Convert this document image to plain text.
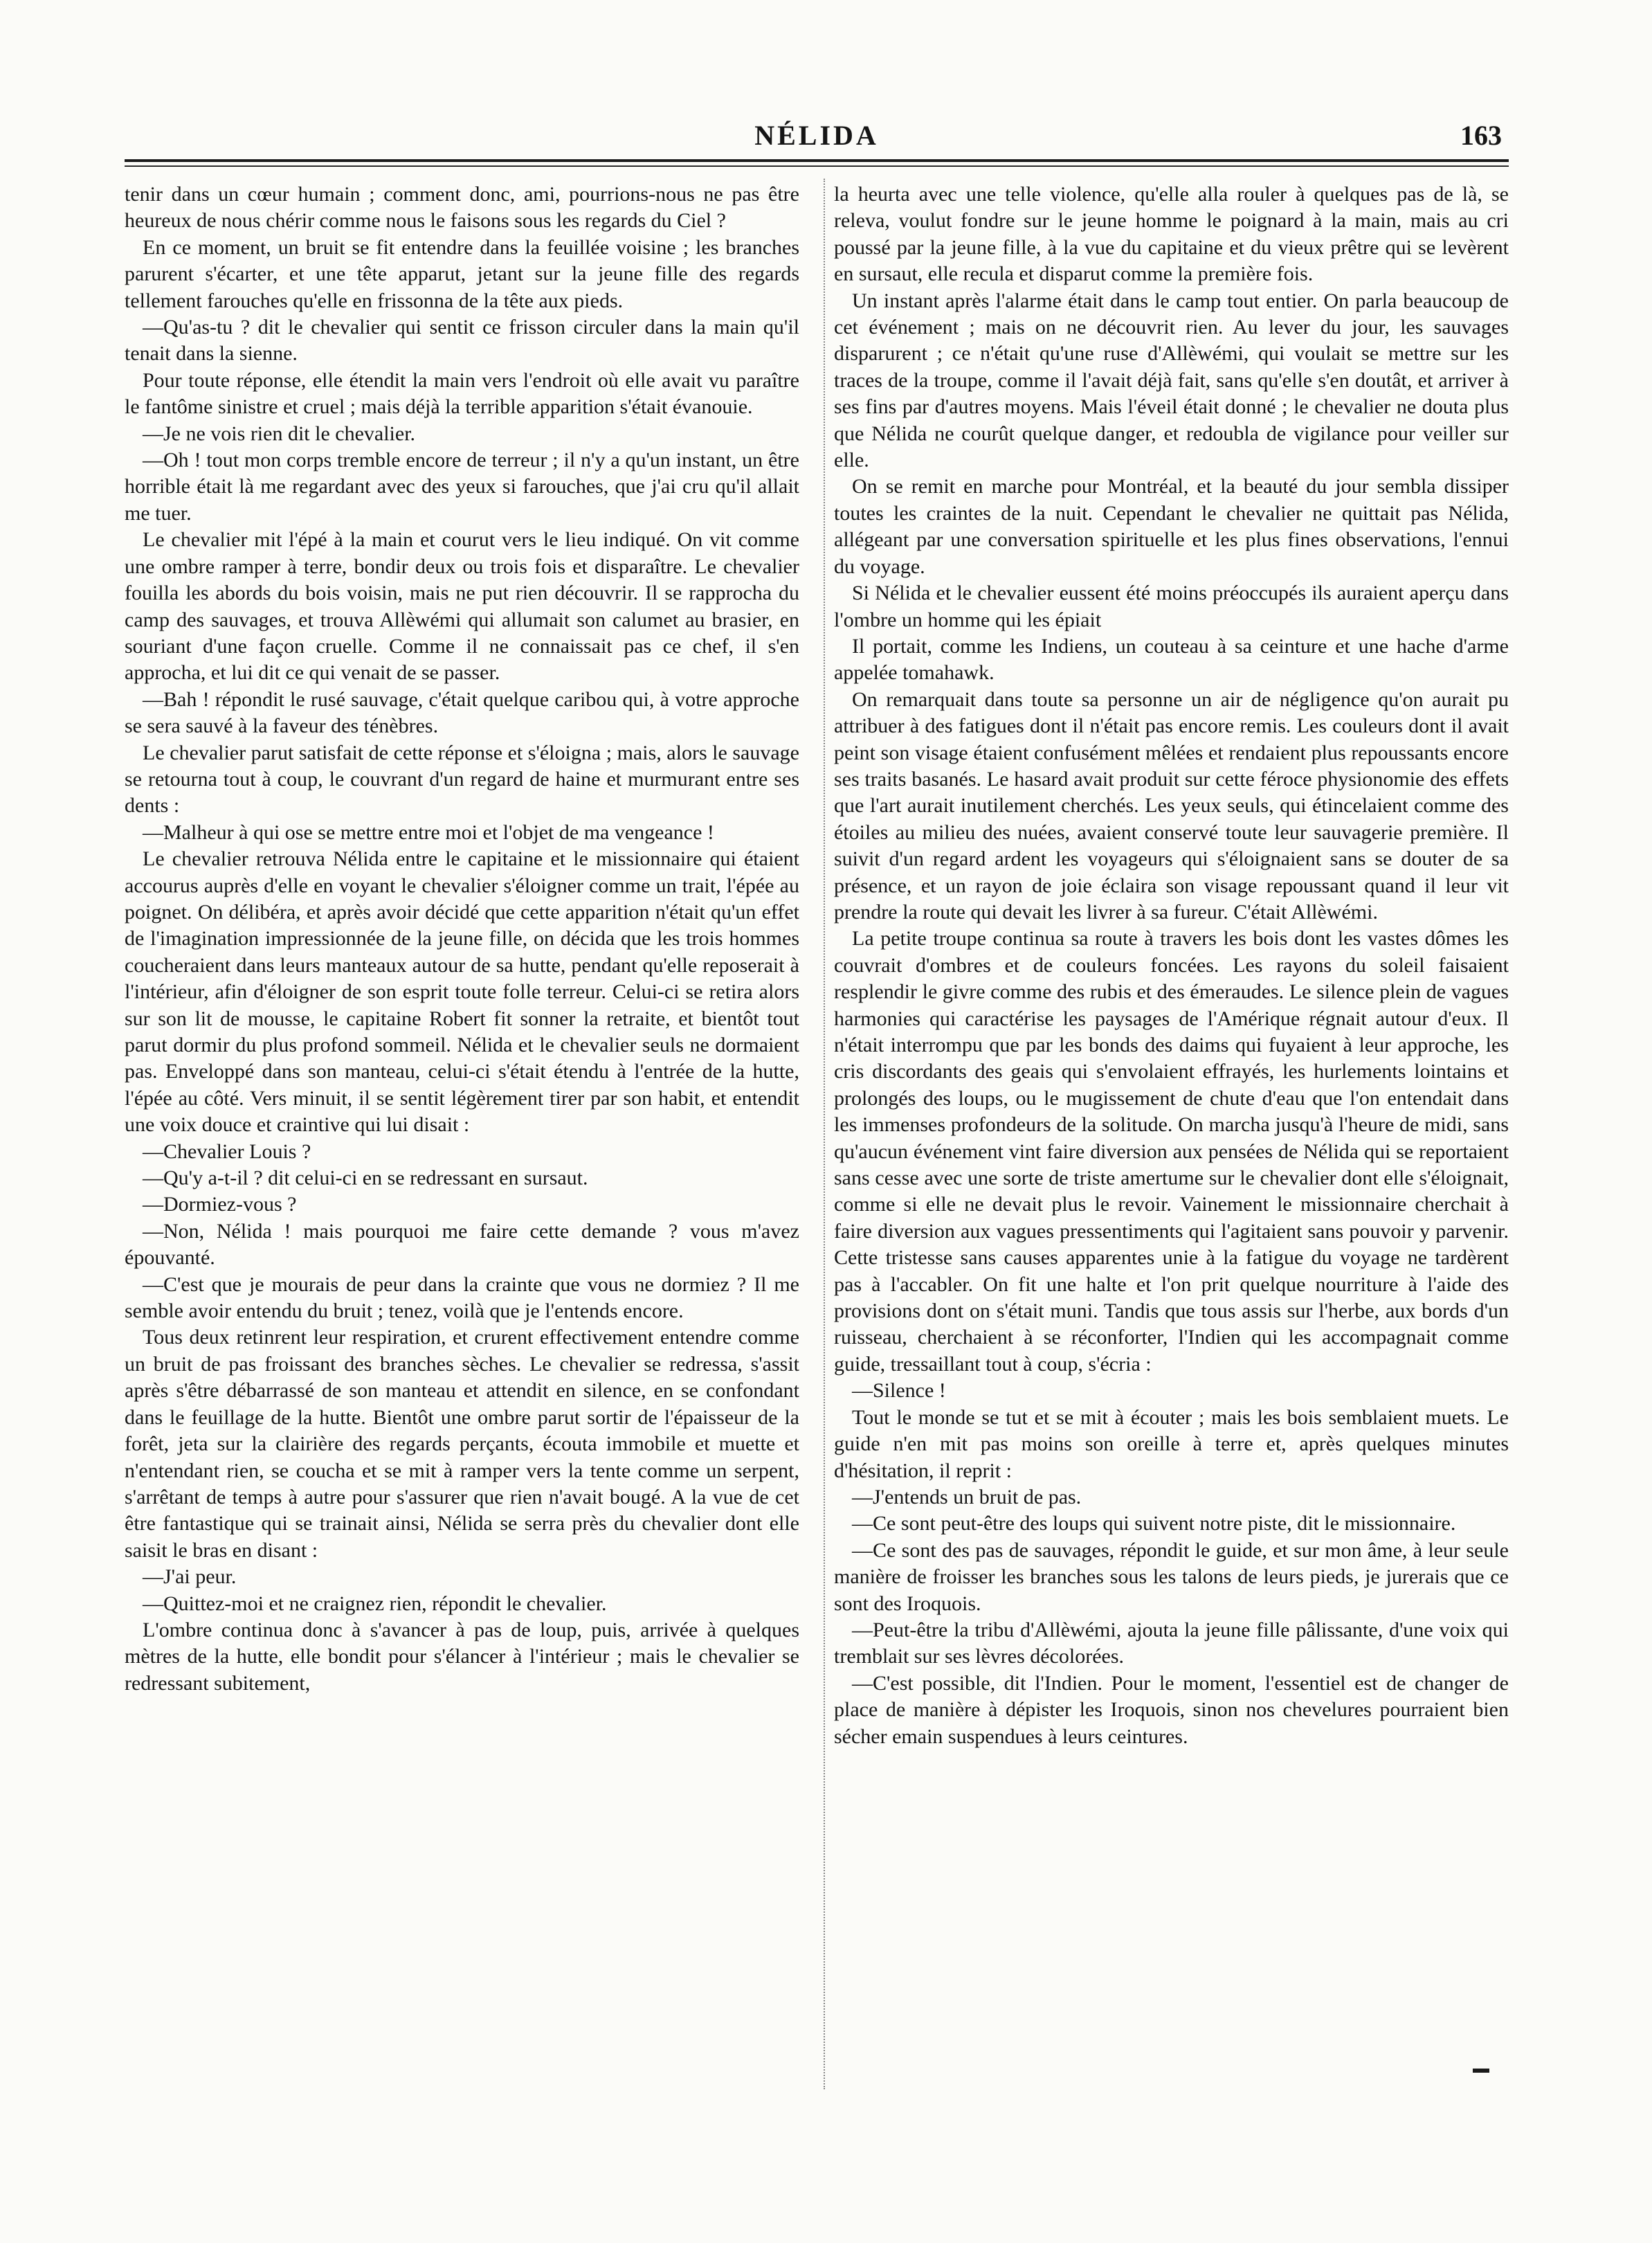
NÉLIDA	163

tenir dans un cœur humain ; comment donc, ami, pourrions-nous ne pas être heureux de nous chérir comme nous le faisons sous les regards du Ciel ?

En ce moment, un bruit se fit entendre dans la feuillée voisine ; les branches parurent s'écarter, et une tête apparut, jetant sur la jeune fille des regards tellement farouches qu'elle en frissonna de la tête aux pieds.

—Qu'as-tu ? dit le chevalier qui sentit ce frisson circuler dans la main qu'il tenait dans la sienne.

Pour toute réponse, elle étendit la main vers l'endroit où elle avait vu paraître le fantôme sinistre et cruel ; mais déjà la terrible apparition s'était évanouie.

—Je ne vois rien dit le chevalier.

—Oh ! tout mon corps tremble encore de terreur ; il n'y a qu'un instant, un être horrible était là me regardant avec des yeux si farouches, que j'ai cru qu'il allait me tuer.

Le chevalier mit l'épé à la main et courut vers le lieu indiqué. On vit comme une ombre ramper à terre, bondir deux ou trois fois et disparaître. Le chevalier fouilla les abords du bois voisin, mais ne put rien découvrir. Il se rapprocha du camp des sauvages, et trouva Allèwémi qui allumait son calumet au brasier, en souriant d'une façon cruelle. Comme il ne connaissait pas ce chef, il s'en approcha, et lui dit ce qui venait de se passer.

—Bah ! répondit le rusé sauvage, c'était quelque caribou qui, à votre approche se sera sauvé à la faveur des ténèbres.

Le chevalier parut satisfait de cette réponse et s'éloigna ; mais, alors le sauvage se retourna tout à coup, le couvrant d'un regard de haine et murmurant entre ses dents :

—Malheur à qui ose se mettre entre moi et l'objet de ma vengeance !

Le chevalier retrouva Nélida entre le capitaine et le missionnaire qui étaient accourus auprès d'elle en voyant le chevalier s'éloigner comme un trait, l'épée au poignet. On délibéra, et après avoir décidé que cette apparition n'était qu'un effet de l'imagination impressionnée de la jeune fille, on décida que les trois hommes coucheraient dans leurs manteaux autour de sa hutte, pendant qu'elle reposerait à l'intérieur, afin d'éloigner de son esprit toute folle terreur. Celui-ci se retira alors sur son lit de mousse, le capitaine Robert fit sonner la retraite, et bientôt tout parut dormir du plus profond sommeil. Nélida et le chevalier seuls ne dormaient pas. Enveloppé dans son manteau, celui-ci s'était étendu à l'entrée de la hutte, l'épée au côté. Vers minuit, il se sentit légèrement tirer par son habit, et entendit une voix douce et craintive qui lui disait :

—Chevalier Louis ?

—Qu'y a-t-il ? dit celui-ci en se redressant en sursaut.

—Dormiez-vous ?

—Non, Nélida ! mais pourquoi me faire cette demande ? vous m'avez épouvanté.

—C'est que je mourais de peur dans la crainte que vous ne dormiez ? Il me semble avoir entendu du bruit ; tenez, voilà que je l'entends encore.

Tous deux retinrent leur respiration, et crurent effectivement entendre comme un bruit de pas froissant des branches sèches. Le chevalier se redressa, s'assit après s'être débarrassé de son manteau et attendit en silence, en se confondant dans le feuillage de la hutte. Bientôt une ombre parut sortir de l'épaisseur de la forêt, jeta sur la clairière des regards perçants, écouta immobile et muette et n'entendant rien, se coucha et se mit à ramper vers la tente comme un serpent, s'arrêtant de temps à autre pour s'assurer que rien n'avait bougé. A la vue de cet être fantastique qui se trainait ainsi, Nélida se serra près du chevalier dont elle saisit le bras en disant :

—J'ai peur.

—Quittez-moi et ne craignez rien, répondit le chevalier.

L'ombre continua donc à s'avancer à pas de loup, puis, arrivée à quelques mètres de la hutte, elle bondit pour s'élancer à l'intérieur ; mais le chevalier se redressant subitement,

la heurta avec une telle violence, qu'elle alla rouler à quelques pas de là, se releva, voulut fondre sur le jeune homme le poignard à la main, mais au cri poussé par la jeune fille, à la vue du capitaine et du vieux prêtre qui se levèrent en sursaut, elle recula et disparut comme la première fois.

Un instant après l'alarme était dans le camp tout entier. On parla beaucoup de cet événement ; mais on ne découvrit rien. Au lever du jour, les sauvages disparurent ; ce n'était qu'une ruse d'Allèwémi, qui voulait se mettre sur les traces de la troupe, comme il l'avait déjà fait, sans qu'elle s'en doutât, et arriver à ses fins par d'autres moyens. Mais l'éveil était donné ; le chevalier ne douta plus que Nélida ne courût quelque danger, et redoubla de vigilance pour veiller sur elle.

On se remit en marche pour Montréal, et la beauté du jour sembla dissiper toutes les craintes de la nuit. Cependant le chevalier ne quittait pas Nélida, allégeant par une conversation spirituelle et les plus fines observations, l'ennui du voyage.

Si Nélida et le chevalier eussent été moins préoccupés ils auraient aperçu dans l'ombre un homme qui les épiait

Il portait, comme les Indiens, un couteau à sa ceinture et une hache d'arme appelée tomahawk.

On remarquait dans toute sa personne un air de négligence qu'on aurait pu attribuer à des fatigues dont il n'était pas encore remis. Les couleurs dont il avait peint son visage étaient confusément mêlées et rendaient plus repoussants encore ses traits basanés. Le hasard avait produit sur cette féroce physionomie des effets que l'art aurait inutilement cherchés. Les yeux seuls, qui étincelaient comme des étoiles au milieu des nuées, avaient conservé toute leur sauvagerie première. Il suivit d'un regard ardent les voyageurs qui s'éloignaient sans se douter de sa présence, et un rayon de joie éclaira son visage repoussant quand il leur vit prendre la route qui devait les livrer à sa fureur. C'était Allèwémi.

La petite troupe continua sa route à travers les bois dont les vastes dômes les couvrait d'ombres et de couleurs foncées. Les rayons du soleil faisaient resplendir le givre comme des rubis et des émeraudes. Le silence plein de vagues harmonies qui caractérise les paysages de l'Amérique régnait autour d'eux. Il n'était interrompu que par les bonds des daims qui fuyaient à leur approche, les cris discordants des geais qui s'envolaient effrayés, les hurlements lointains et prolongés des loups, ou le mugissement de chute d'eau que l'on entendait dans les immenses profondeurs de la solitude. On marcha jusqu'à l'heure de midi, sans qu'aucun événement vint faire diversion aux pensées de Nélida qui se reportaient sans cesse avec une sorte de triste amertume sur le chevalier dont elle s'éloignait, comme si elle ne devait plus le revoir. Vainement le missionnaire cherchait à faire diversion aux vagues pressentiments qui l'agitaient sans pouvoir y parvenir. Cette tristesse sans causes apparentes unie à la fatigue du voyage ne tardèrent pas à l'accabler. On fit une halte et l'on prit quelque nourriture à l'aide des provisions dont on s'était muni. Tandis que tous assis sur l'herbe, aux bords d'un ruisseau, cherchaient à se réconforter, l'Indien qui les accompagnait comme guide, tressaillant tout à coup, s'écria :

—Silence !

Tout le monde se tut et se mit à écouter ; mais les bois semblaient muets. Le guide n'en mit pas moins son oreille à terre et, après quelques minutes d'hésitation, il reprit :

—J'entends un bruit de pas.

—Ce sont peut-être des loups qui suivent notre piste, dit le missionnaire.

—Ce sont des pas de sauvages, répondit le guide, et sur mon âme, à leur seule manière de froisser les branches sous les talons de leurs pieds, je jurerais que ce sont des Iroquois.

—Peut-être la tribu d'Allèwémi, ajouta la jeune fille pâlissante, d'une voix qui tremblait sur ses lèvres décolorées.

—C'est possible, dit l'Indien. Pour le moment, l'essentiel est de changer de place de manière à dépister les Iroquois, sinon nos chevelures pourraient bien sécher emain suspendues à leurs ceintures.
